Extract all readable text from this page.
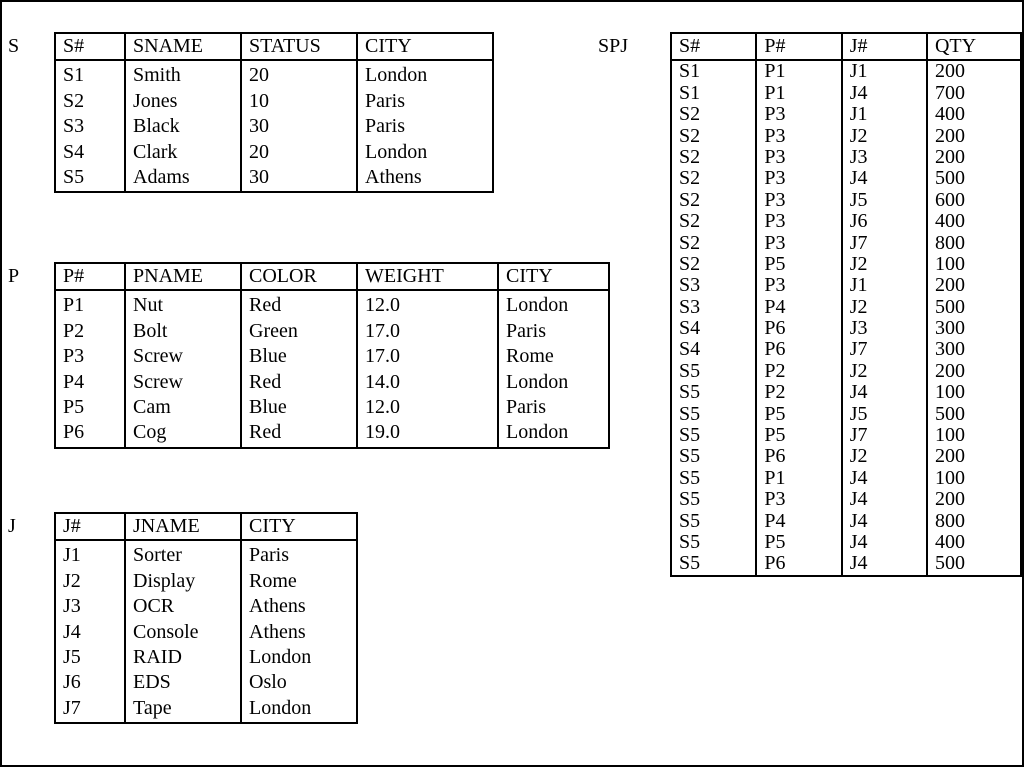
S S#	SNAME	STATUS	CITY
S1	Smith	20	London
S2	Jones	10	Paris
S3	Black	30	Paris
S4	Clark	20	London
S5	Adams	30	Athens
P P#	PNAME	COLOR	WEIGHT	CITY
P1	Nut	Red	12.0	London
P2	Bolt	Green	17.0	Paris
P3	Screw	Blue	17.0	Rome
P4	Screw	Red	14.0	London
P5	Cam	Blue	12.0	Paris
P6	Cog	Red	19.0	London
J J#	JNAME	CITY
J1	Sorter	Paris
J2	Display	Rome
J3	OCR	Athens
J4	Console	Athens
J5	RAID	London
J6	EDS	Oslo
J7	Tape	London
SPJ	S#	P#	J#	QTY
S1	P1	J1	200
S1	P1	J4	700
S2	P3	J1	400
S2	P3	J2	200
S2	P3	J3	200
S2	P3	J4	500
S2	P3	J5	600
S2	P3	J6	400
S2	P3	J7	800
S2	P5	J2	100
S3	P3	J1	200
S3	P4	J2	500
S4	P6	J3	300
S4	P6	J7	300
S5	P2	J2	200
S5	P2	J4	100
S5	P5	J5	500
S5	P5	J7	100
S5	P6	J2	200
S5	P1	J4	100
S5	P3	J4	200
S5	P4	J4	800
S5	P5	J4	400
S5	P6	J4	500
